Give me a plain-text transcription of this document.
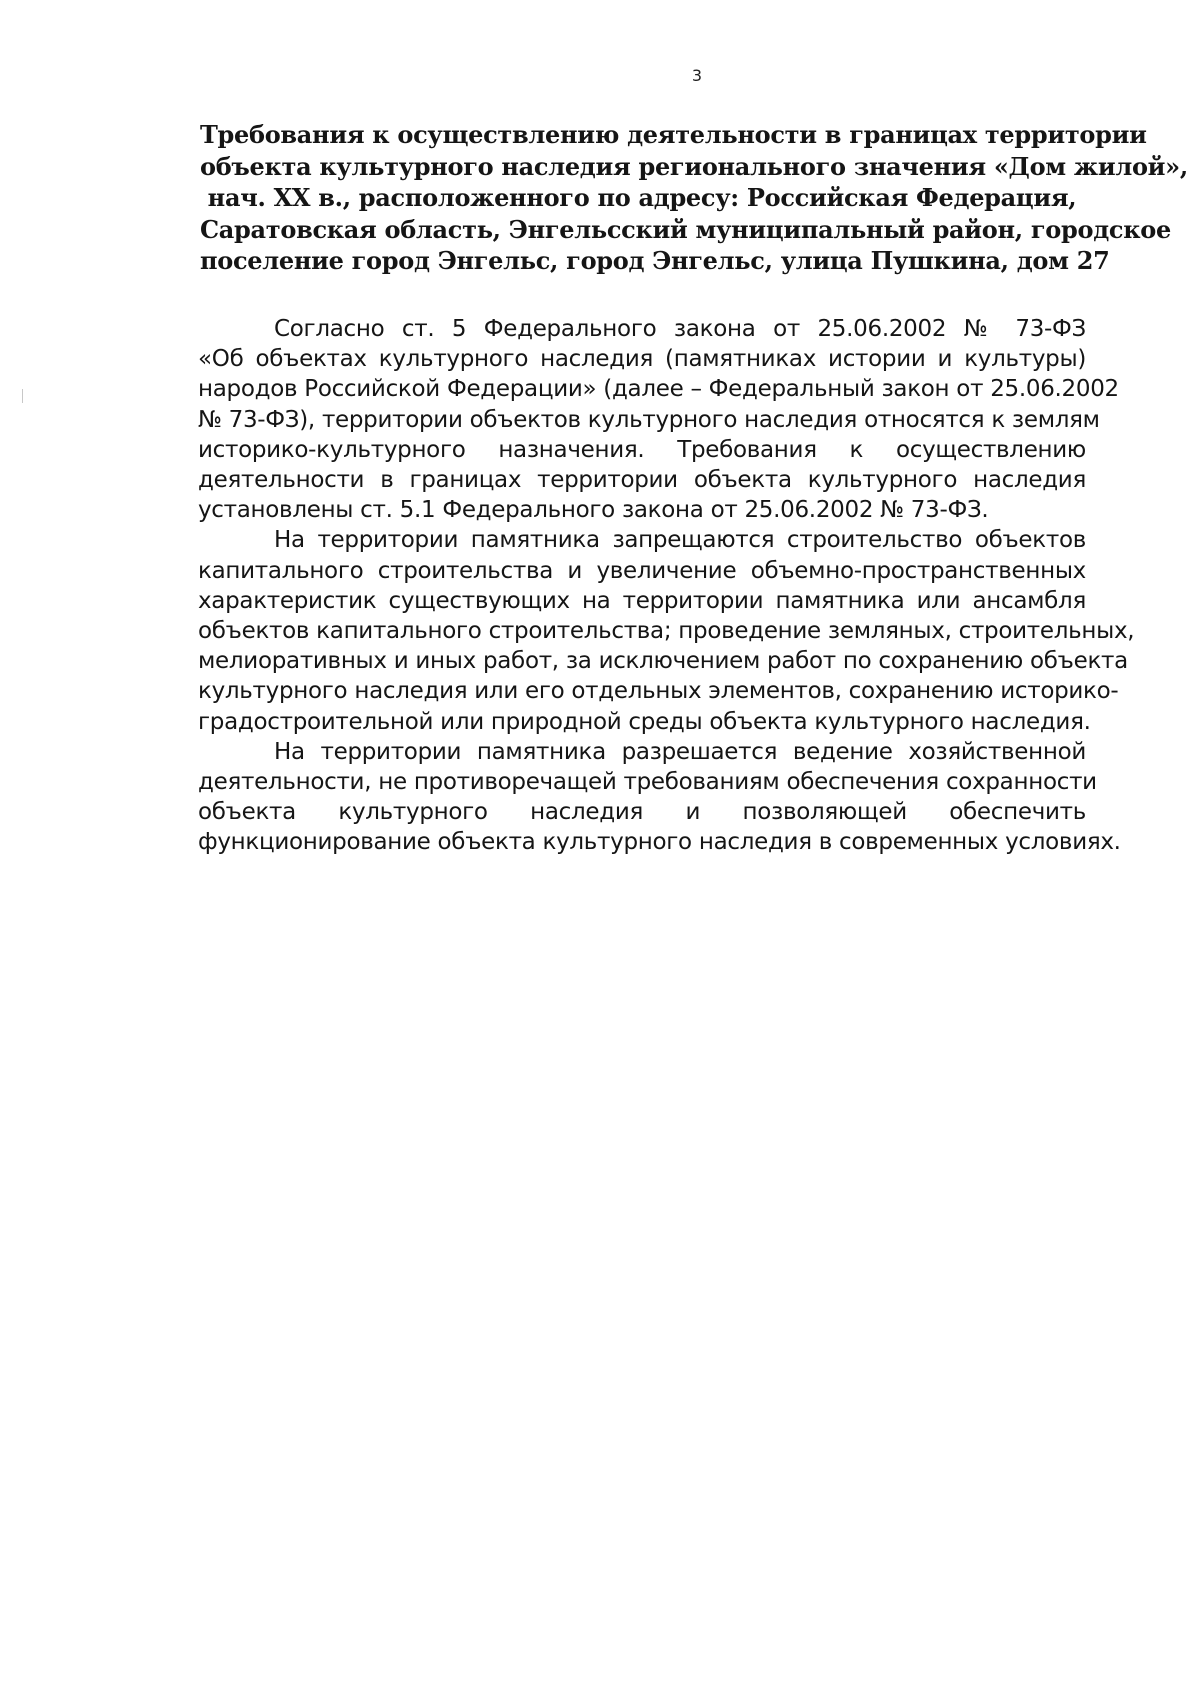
3
Требования к осуществлению деятельности в границах территории
объекта культурного наследия регионального значения «Дом жилой»,
нач. XX в., расположенного по адресу: Российская Федерация,
Саратовская область, Энгельсский муниципальный район, городское
поселение город Энгельс, город Энгельс, улица Пушкина, дом 27

Согласно ст. 5 Федерального закона от 25.06.2002 № 73-ФЗ
«Об объектах культурного наследия (памятниках истории и культуры)
народов Российской Федерации» (далее – Федеральный закон от 25.06.2002
№ 73-ФЗ), территории объектов культурного наследия относятся к землям
историко-культурного назначения. Требования к осуществлению
деятельности в границах территории объекта культурного наследия
установлены ст. 5.1 Федерального закона от 25.06.2002 № 73-ФЗ.

На территории памятника запрещаются строительство объектов
капитального строительства и увеличение объемно-пространственных
характеристик существующих на территории памятника или ансамбля
объектов капитального строительства; проведение земляных, строительных,
мелиоративных и иных работ, за исключением работ по сохранению объекта
культурного наследия или его отдельных элементов, сохранению историко-
градостроительной или природной среды объекта культурного наследия.

На территории памятника разрешается ведение хозяйственной
деятельности, не противоречащей требованиям обеспечения сохранности
объекта культурного наследия и позволяющей обеспечить
функционирование объекта культурного наследия в современных условиях.
